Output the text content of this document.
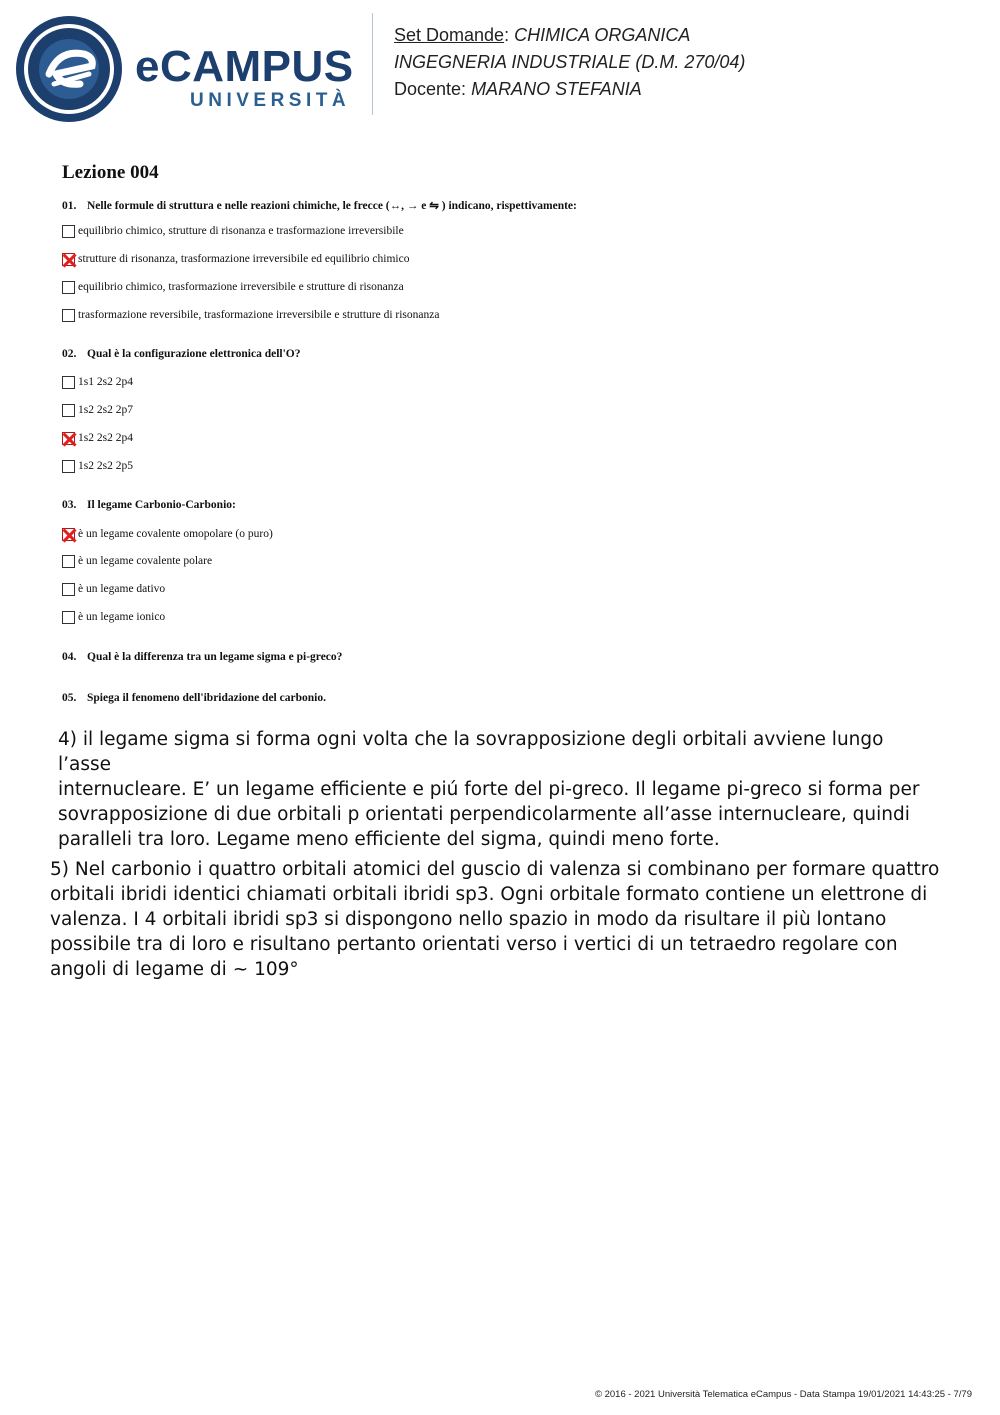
eCAMPUS
UNIVERSITÀ
Set Domande: CHIMICA ORGANICA
INGEGNERIA INDUSTRIALE (D.M. 270/04)
Docente: MARANO STEFANIA
Lezione 004
01. Nelle formule di struttura e nelle reazioni chimiche, le frecce (↔, → e ⇋ ) indicano, rispettivamente:
equilibrio chimico, strutture di risonanza e trasformazione irreversibile
strutture di risonanza, trasformazione irreversibile ed equilibrio chimico
equilibrio chimico, trasformazione irreversibile e strutture di risonanza
trasformazione reversibile, trasformazione irreversibile e strutture di risonanza
02. Qual è la configurazione elettronica dell'O?
1s1 2s2 2p4
1s2 2s2 2p7
1s2 2s2 2p4
1s2 2s2 2p5
03. Il legame Carbonio-Carbonio:
è un legame covalente omopolare (o puro)
è un legame covalente polare
è un legame dativo
è un legame ionico
04. Qual è la differenza tra un legame sigma e pi-greco?
05. Spiega il fenomeno dell'ibridazione del carbonio.
4) il legame sigma si forma ogni volta che la sovrapposizione degli orbitali avviene lungo l’asse
internucleare. E’ un legame efficiente e piú forte del pi-greco. Il legame pi-greco si forma per
sovrapposizione di due orbitali p orientati perpendicolarmente all’asse internucleare, quindi
paralleli tra loro. Legame meno efficiente del sigma, quindi meno forte.
5) Nel carbonio i quattro orbitali atomici del guscio di valenza si combinano per formare quattro
orbitali ibridi identici chiamati orbitali ibridi sp3. Ogni orbitale formato contiene un elettrone di
valenza. I 4 orbitali ibridi sp3 si dispongono nello spazio in modo da risultare il più lontano
possibile tra di loro e risultano pertanto orientati verso i vertici di un tetraedro regolare con
angoli di legame di ~ 109°
© 2016 - 2021 Università Telematica eCampus - Data Stampa 19/01/2021 14:43:25 - 7/79
